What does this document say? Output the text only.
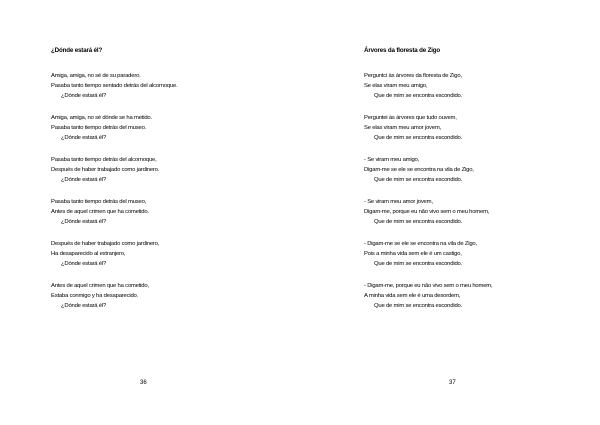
¿Dónde estará él?
Amiga, amiga, no sé de su paradero.
Pasaba tanto tiempo sentado detrás del alcornoque.
¿Dónde estará él?
Amiga, amiga, no sé dónde se ha metido.
Pasaba tanto tiempo detrás del museo.
¿Dónde estará él?
Pasaba tanto tiempo detrás del alcornoque,
Después de haber trabajado como jardinero.
¿Dónde estará él?
Pasaba tanto tiempo detrás del museo,
Antes de aquel crimen que ha cometido.
¿Dónde estará él?
Después de haber trabajado como jardinero,
Ha desaparecido al extranjero,
¿Dónde estará él?
Antes de aquel crimen que ha cometido,
Estaba conmigo y ha desaparecido.
¿Dónde estará él?
36
Árvores da floresta de Zigo
Perguntci às árvores da floresta de Zigo,
Se elas viram meu amigo,
Que de mim se encontra escondido.
Perguntei às árvores que tudo ouvem,
Se elas viram meu amor jovem,
Que de mim se encontra escondido.
- Se viram meu amigo,
Digam-me se ele se encontra na vila de Zigo,
Que de mim se encontra escondido.
- Se viram meu amor jovem,
Digam-me, porque eu não vivo sem o meu homem,
Que de mim se encontra escondido.
- Digam-me se ele se encontra na vila de Zigo,
Pois a minha vida sem ele é um castigo,
Que de mim se encontra escondido.
- Digam-me, porque eu não vivo sem o meu homem,
A minha vida sem ele é uma desordem,
Que de mim se encontra escondido.
37
